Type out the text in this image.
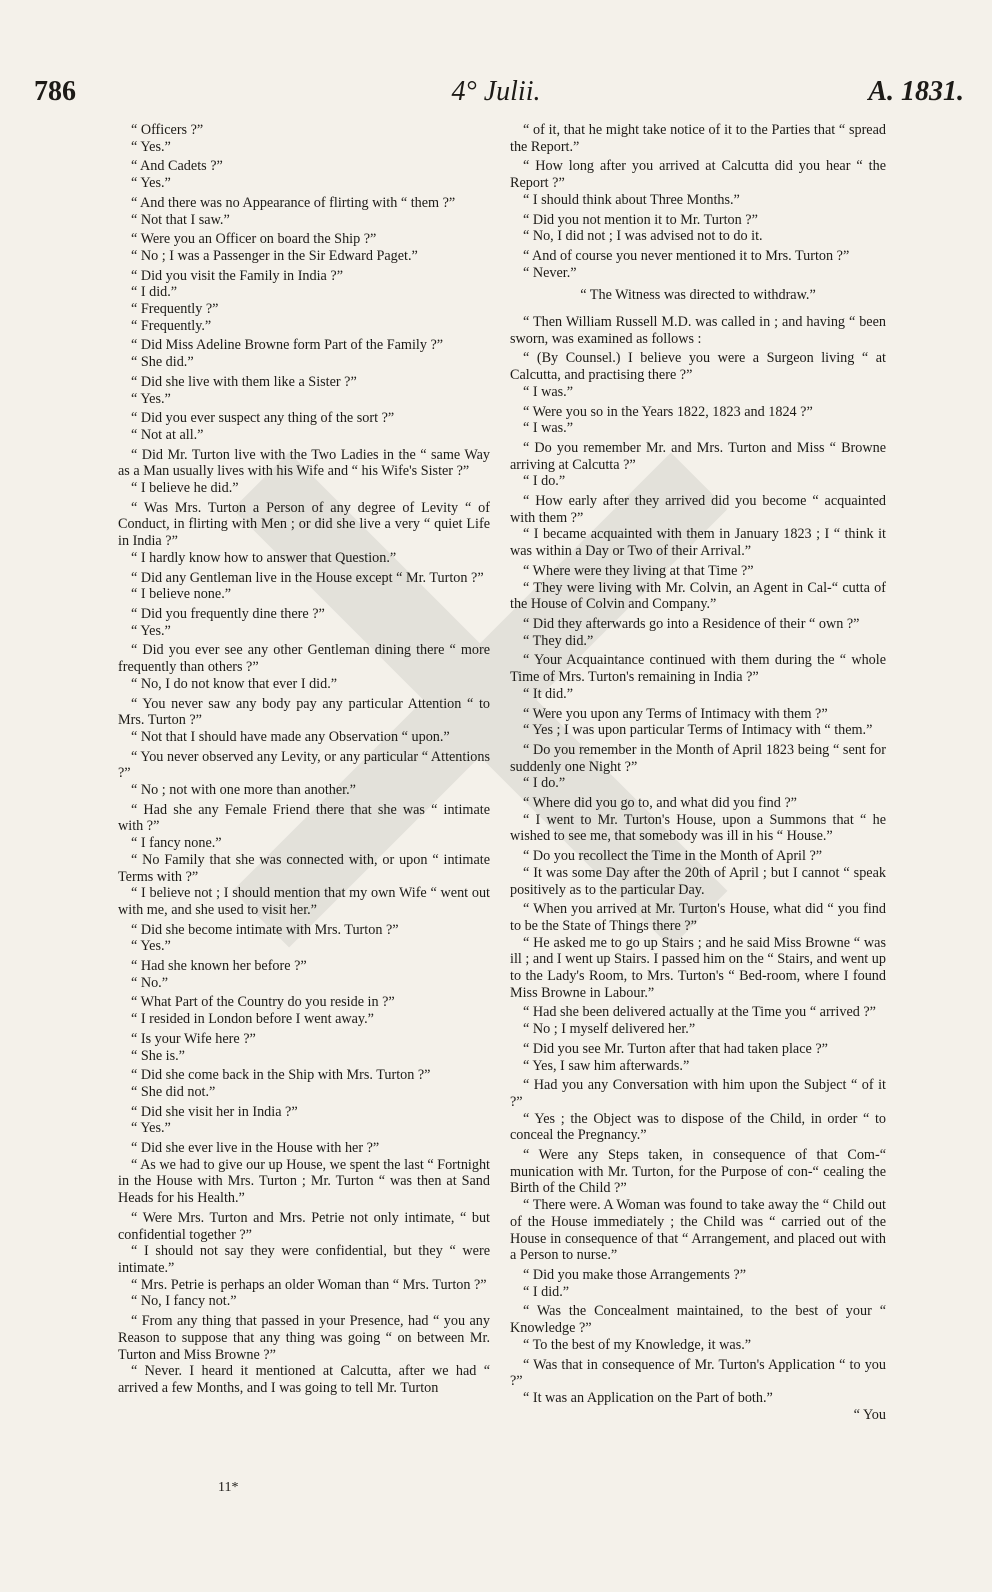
786	4° Julii.	A. 1831.

“ Officers ?”

“ Yes.”

“ And Cadets ?”

“ Yes.”

“ And there was no Appearance of flirting with “ them ?”

“ Not that I saw.”

“ Were you an Officer on board the Ship ?”

“ No ; I was a Passenger in the Sir Edward Paget.”

“ Did you visit the Family in India ?”

“ I did.”

“ Frequently ?”

“ Frequently.”

“ Did Miss Adeline Browne form Part of the Family ?”

“ She did.”

“ Did she live with them like a Sister ?”

“ Yes.”

“ Did you ever suspect any thing of the sort ?”

“ Not at all.”

“ Did Mr. Turton live with the Two Ladies in the “ same Way as a Man usually lives with his Wife and “ his Wife's Sister ?”

“ I believe he did.”

“ Was Mrs. Turton a Person of any degree of Levity “ of Conduct, in flirting with Men ; or did she live a very “ quiet Life in India ?”

“ I hardly know how to answer that Question.”

“ Did any Gentleman live in the House except “ Mr. Turton ?”

“ I believe none.”

“ Did you frequently dine there ?”

“ Yes.”

“ Did you ever see any other Gentleman dining there “ more frequently than others ?”

“ No, I do not know that ever I did.”

“ You never saw any body pay any particular Attention “ to Mrs. Turton ?”

“ Not that I should have made any Observation “ upon.”

“ You never observed any Levity, or any particular “ Attentions ?”

“ No ; not with one more than another.”

“ Had she any Female Friend there that she was “ intimate with ?”

“ I fancy none.”

“ No Family that she was connected with, or upon “ intimate Terms with ?”

“ I believe not ; I should mention that my own Wife “ went out with me, and she used to visit her.”

“ Did she become intimate with Mrs. Turton ?”

“ Yes.”

“ Had she known her before ?”

“ No.”

“ What Part of the Country do you reside in ?”

“ I resided in London before I went away.”

“ Is your Wife here ?”

“ She is.”

“ Did she come back in the Ship with Mrs. Turton ?”

“ She did not.”

“ Did she visit her in India ?”

“ Yes.”

“ Did she ever live in the House with her ?”

“ As we had to give our up House, we spent the last “ Fortnight in the House with Mrs. Turton ; Mr. Turton “ was then at Sand Heads for his Health.”

“ Were Mrs. Turton and Mrs. Petrie not only intimate, “ but confidential together ?”

“ I should not say they were confidential, but they “ were intimate.”

“ Mrs. Petrie is perhaps an older Woman than “ Mrs. Turton ?”

“ No, I fancy not.”

“ From any thing that passed in your Presence, had “ you any Reason to suppose that any thing was going “ on between Mr. Turton and Miss Browne ?”

“ Never. I heard it mentioned at Calcutta, after we had “ arrived a few Months, and I was going to tell Mr. Turton

“ of it, that he might take notice of it to the Parties that “ spread the Report.”

“ How long after you arrived at Calcutta did you hear “ the Report ?”

“ I should think about Three Months.”

“ Did you not mention it to Mr. Turton ?”

“ No, I did not ; I was advised not to do it.

“ And of course you never mentioned it to Mrs. Turton ?”

“ Never.”

“ The Witness was directed to withdraw.”

“ Then William Russell M.D. was called in ; and having “ been sworn, was examined as follows :

“ (By Counsel.) I believe you were a Surgeon living “ at Calcutta, and practising there ?”

“ I was.”

“ Were you so in the Years 1822, 1823 and 1824 ?”

“ I was.”

“ Do you remember Mr. and Mrs. Turton and Miss “ Browne arriving at Calcutta ?”

“ I do.”

“ How early after they arrived did you become “ acquainted with them ?”

“ I became acquainted with them in January 1823 ; I “ think it was within a Day or Two of their Arrival.”

“ Where were they living at that Time ?”

“ They were living with Mr. Colvin, an Agent in Cal-“ cutta of the House of Colvin and Company.”

“ Did they afterwards go into a Residence of their “ own ?”

“ They did.”

“ Your Acquaintance continued with them during the “ whole Time of Mrs. Turton's remaining in India ?”

“ It did.”

“ Were you upon any Terms of Intimacy with them ?”

“ Yes ; I was upon particular Terms of Intimacy with “ them.”

“ Do you remember in the Month of April 1823 being “ sent for suddenly one Night ?”

“ I do.”

“ Where did you go to, and what did you find ?”

“ I went to Mr. Turton's House, upon a Summons that “ he wished to see me, that somebody was ill in his “ House.”

“ Do you recollect the Time in the Month of April ?”

“ It was some Day after the 20th of April ; but I cannot “ speak positively as to the particular Day.

“ When you arrived at Mr. Turton's House, what did “ you find to be the State of Things there ?”

“ He asked me to go up Stairs ; and he said Miss Browne “ was ill ; and I went up Stairs. I passed him on the “ Stairs, and went up to the Lady's Room, to Mrs. Turton's “ Bed-room, where I found Miss Browne in Labour.”

“ Had she been delivered actually at the Time you “ arrived ?”

“ No ; I myself delivered her.”

“ Did you see Mr. Turton after that had taken place ?”

“ Yes, I saw him afterwards.”

“ Had you any Conversation with him upon the Subject “ of it ?”

“ Yes ; the Object was to dispose of the Child, in order “ to conceal the Pregnancy.”

“ Were any Steps taken, in consequence of that Com-“ munication with Mr. Turton, for the Purpose of con-“ cealing the Birth of the Child ?”

“ There were. A Woman was found to take away the “ Child out of the House immediately ; the Child was “ carried out of the House in consequence of that “ Arrangement, and placed out with a Person to nurse.”

“ Did you make those Arrangements ?”

“ I did.”

“ Was the Concealment maintained, to the best of your “ Knowledge ?”

“ To the best of my Knowledge, it was.”

“ Was that in consequence of Mr. Turton's Application “ to you ?”

“ It was an Application on the Part of both.”

“ You

11*
